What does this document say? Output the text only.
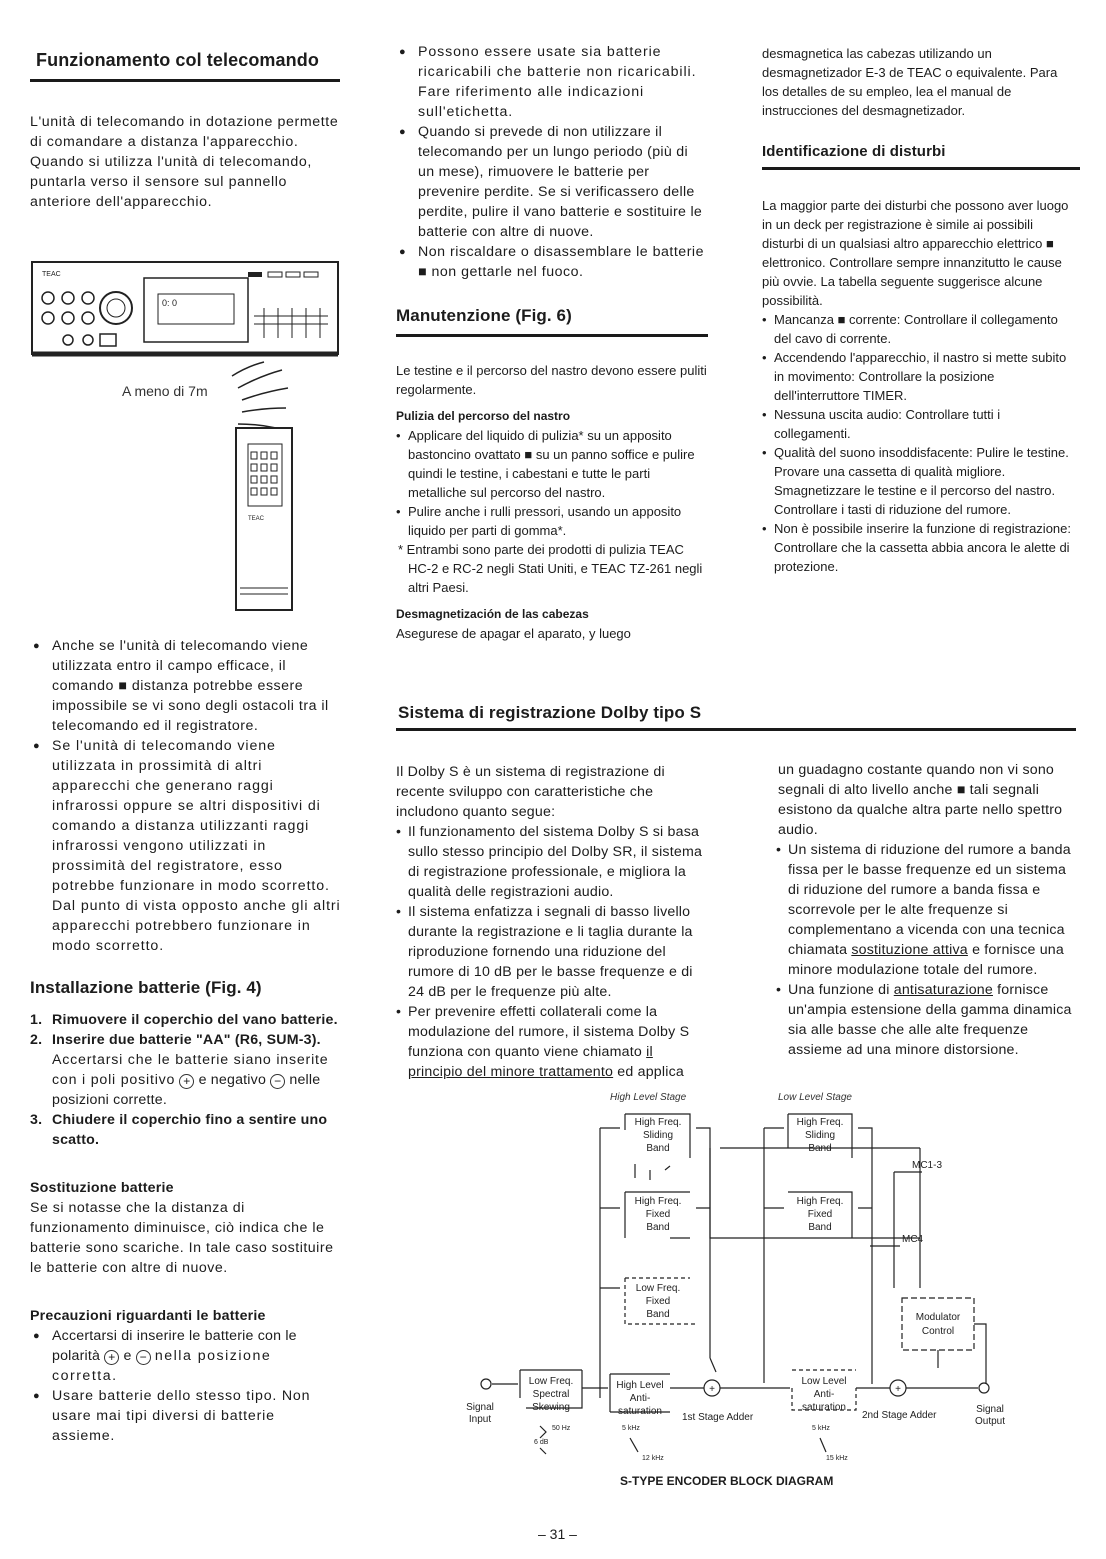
Funzionamento col telecomando

L'unità di telecomando in dotazione permette di comandare a distanza l'apparecchio.

Quando si utilizza l'unità di telecomando, puntarla verso il sensore sul pannello anteriore dell'apparecchio.

TEAC
0: 0
A meno di 7m
TEAC
● Anche se l'unità di telecomando viene utilizzata entro il campo efficace, il comando ■ distanza potrebbe essere impossibile se vi sono degli ostacoli tra il telecomando ed il registratore.
● Se l'unità di telecomando viene utilizzata in prossimità di altri apparecchi che generano raggi infrarossi oppure se altri dispositivi di comando a distanza utilizzanti raggi infrarossi vengono utilizzati in prossimità del registratore, esso potrebbe funzionare in modo scorretto. Dal punto di vista opposto anche gli altri apparecchi potrebbero funzionare in modo scorretto.
Installazione batterie (Fig. 4)
1. Rimuovere il coperchio del vano batterie.
2. Inserire due batterie "AA" (R6, SUM-3).
Accertarsi che le batterie siano inserite con i poli positivo + e negativo − nelle posizioni corrette.
3. Chiudere il coperchio fino a sentire uno scatto.
Sostituzione batterie

Se si notasse che la distanza di funzionamento diminuisce, ciò indica che le batterie sono scariche. In tale caso sostituire le batterie con altre di nuove.

Precauzioni riguardanti le batterie
● Accertarsi di inserire le batterie con le polarità + e − nella posizione corretta.
● Usare batterie dello stesso tipo. Non usare mai tipi diversi di batterie assieme.
● Possono essere usate sia batterie ricaricabili che batterie non ricaricabili. Fare riferimento alle indicazioni sull'etichetta.
● Quando si prevede di non utilizzare il telecomando per un lungo periodo (più di un mese), rimuovere le batterie per prevenire perdite. Se si verificassero delle perdite, pulire il vano batterie e sostituire le batterie con altre di nuove.
● Non riscaldare o disassemblare le batterie ■ non gettarle nel fuoco.
Manutenzione (Fig. 6)

Le testine e il percorso del nastro devono essere puliti regolarmente.

Pulizia del percorso del nastro
• Applicare del liquido di pulizia* su un apposito bastoncino ovattato ■ su un panno soffice e pulire quindi le testine, i cabestani e tutte le parti metalliche sul percorso del nastro.
• Pulire anche i rulli pressori, usando un apposito liquido per parti di gomma*.

* Entrambi sono parte dei prodotti di pulizia TEAC HC-2 e RC-2 negli Stati Uniti, e TEAC TZ-261 negli altri Paesi.

Desmagnetización de las cabezas

Asegurese de apagar el aparato, y luego

desmagnetica las cabezas utilizando un desmagnetizador E-3 de TEAC o equivalente. Para los detalles de su empleo, lea el manual de instrucciones del desmagnetizador.

Identificazione di disturbi

La maggior parte dei disturbi che possono aver luogo in un deck per registrazione è simile ai possibili disturbi di un qualsiasi altro apparecchio elettrico ■ elettronico. Controllare sempre innanzitutto le cause più ovvie. La tabella seguente suggerisce alcune possibilità.

• Mancanza ■ corrente: Controllare il collegamento del cavo di corrente.
• Accendendo l'apparecchio, il nastro si mette subito in movimento: Controllare la posizione dell'interruttore TIMER.
• Nessuna uscita audio: Controllare tutti i collegamenti.
• Qualità del suono insoddisfacente: Pulire le testine. Provare una cassetta di qualità migliore. Smagnetizzare le testine e il percorso del nastro. Controllare i tasti di riduzione del rumore.
• Non è possibile inserire la funzione di registrazione: Controllare che la cassetta abbia ancora le alette di protezione.
Sistema di registrazione Dolby tipo S

Il Dolby S è un sistema di registrazione di recente sviluppo con caratteristiche che includono quanto segue:

• Il funzionamento del sistema Dolby S si basa sullo stesso principio del Dolby SR, il sistema di registrazione professionale, e migliora la qualità delle registrazioni audio.
• Il sistema enfatizza i segnali di basso livello durante la registrazione e li taglia durante la riproduzione fornendo una riduzione del rumore di 10 dB per le basse frequenze e di 24 dB per le frequenze più alte.
• Per prevenire effetti collaterali come la modulazione del rumore, il sistema Dolby S funziona con quanto viene chiamato il principio del minore trattamento ed applica

un guadagno costante quando non vi sono segnali di alto livello anche ■ tali segnali esistono da qualche altra parte nello spettro audio.

• Un sistema di riduzione del rumore a banda fissa per le basse frequenze ed un sistema di riduzione del rumore a banda fissa e scorrevole per le alte frequenze si complementano a vicenda con una tecnica chiamata sostituzione attiva e fornisce una minore modulazione totale del rumore.
• Una funzione di antisaturazione fornisce un'ampia estensione della gamma dinamica sia alle basse che alle alte frequenze assieme ad una minore distorsione.
High Level Stage	Low Level Stage
High Freq.
Sliding
Band
High Freq.
Fixed
Band
Low Freq.
Fixed
Band
High Freq.
Sliding
Band
High Freq.
Fixed
Band
MC1-3
MC4
Modulator
Control
Signal
Input
Low Freq.
Spectral
Skewing
50 Hz
6 dB
High Level
Anti-
saturation
5 kHz
12 kHz
+
1st Stage Adder
Low Level
Anti-
saturation
5 kHz
15 kHz
+
2nd Stage Adder
Signal
Output
S-TYPE ENCODER BLOCK DIAGRAM
– 31 –
